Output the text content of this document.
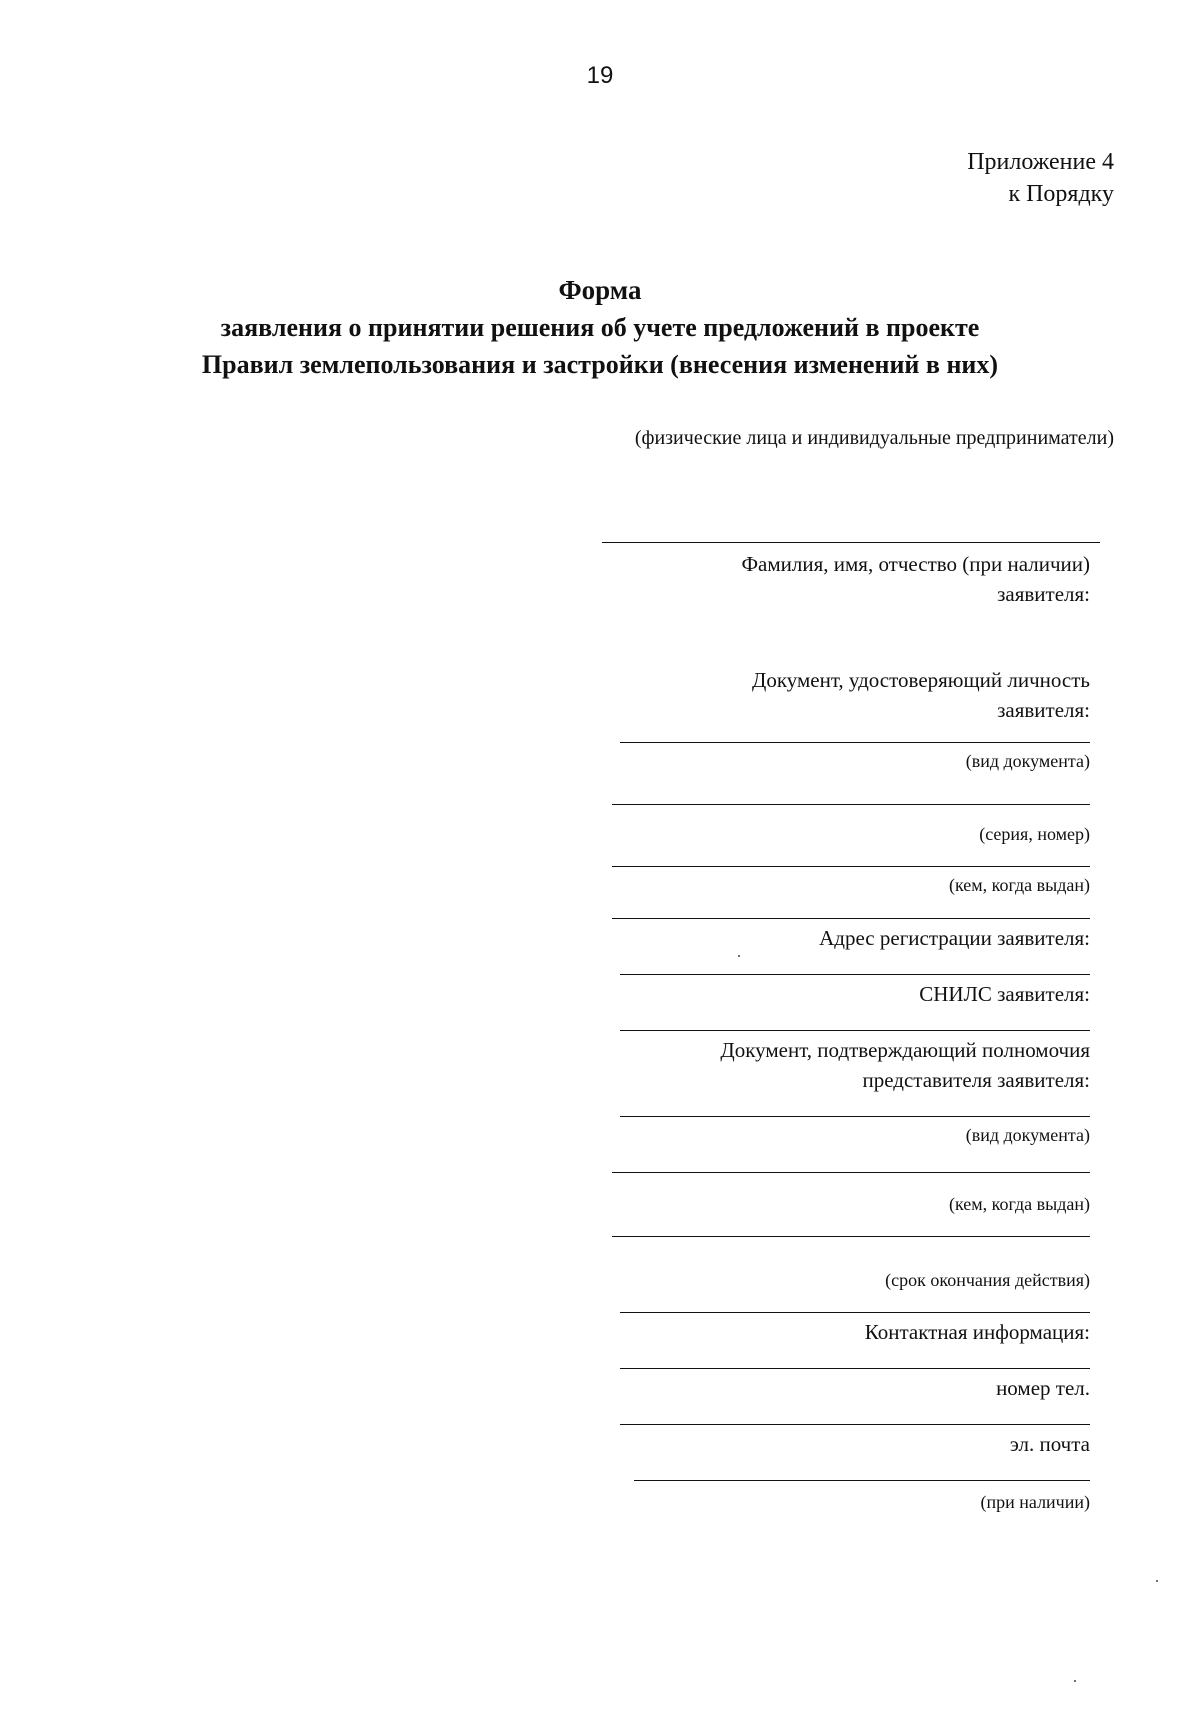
19
Приложение 4
к Порядку
Форма
заявления о принятии решения об учете предложений в проекте
Правил землепользования и застройки (внесения изменений в них)
(физические лица и индивидуальные предприниматели)
Фамилия, имя, отчество (при наличии)
заявителя:
Документ, удостоверяющий личность
заявителя:
(вид документа)
(серия, номер)
(кем, когда выдан)
Адрес регистрации заявителя:
СНИЛС заявителя:
Документ, подтверждающий полномочия
представителя заявителя:
(вид документа)
(кем, когда выдан)
(срок окончания действия)
Контактная информация:
номер тел.
эл. почта
(при наличии)
